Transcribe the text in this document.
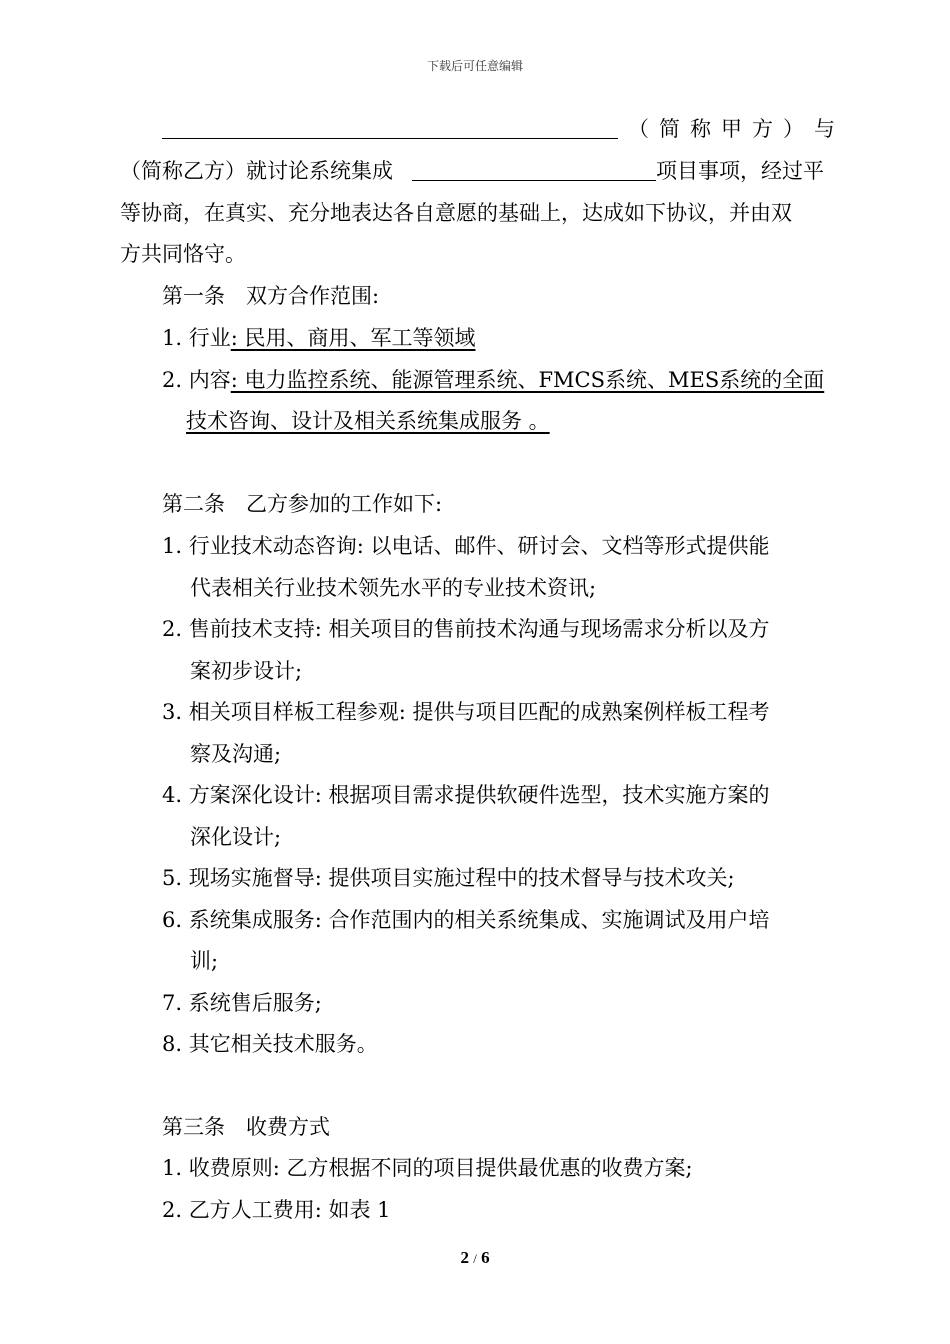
下载后可任意编辑
（简称甲方）与
（简称乙方）就讨论系统集成	项目事项，经过平
等协商，在真实、充分地表达各自意愿的基础上，达成如下协议，并由双
方共同恪守。
第一条　双方合作范围:
1. 行业: 民用、商用、军工等领域
2. 内容: 电力监控系统、能源管理系统、FMCS系统、MES系统的全面
技术咨询、设计及相关系统集成服务 。
第二条　乙方参加的工作如下:
1. 行业技术动态咨询: 以电话、邮件、研讨会、文档等形式提供能
代表相关行业技术领先水平的专业技术资讯;
2. 售前技术支持: 相关项目的售前技术沟通与现场需求分析以及方
案初步设计;
3. 相关项目样板工程参观: 提供与项目匹配的成熟案例样板工程考
察及沟通;
4. 方案深化设计: 根据项目需求提供软硬件选型，技术实施方案的
深化设计;
5. 现场实施督导: 提供项目实施过程中的技术督导与技术攻关;
6. 系统集成服务: 合作范围内的相关系统集成、实施调试及用户培
训;
7. 系统售后服务;
8. 其它相关技术服务。
第三条　收费方式
1. 收费原则: 乙方根据不同的项目提供最优惠的收费方案;
2. 乙方人工费用: 如表 1
2 / 6
